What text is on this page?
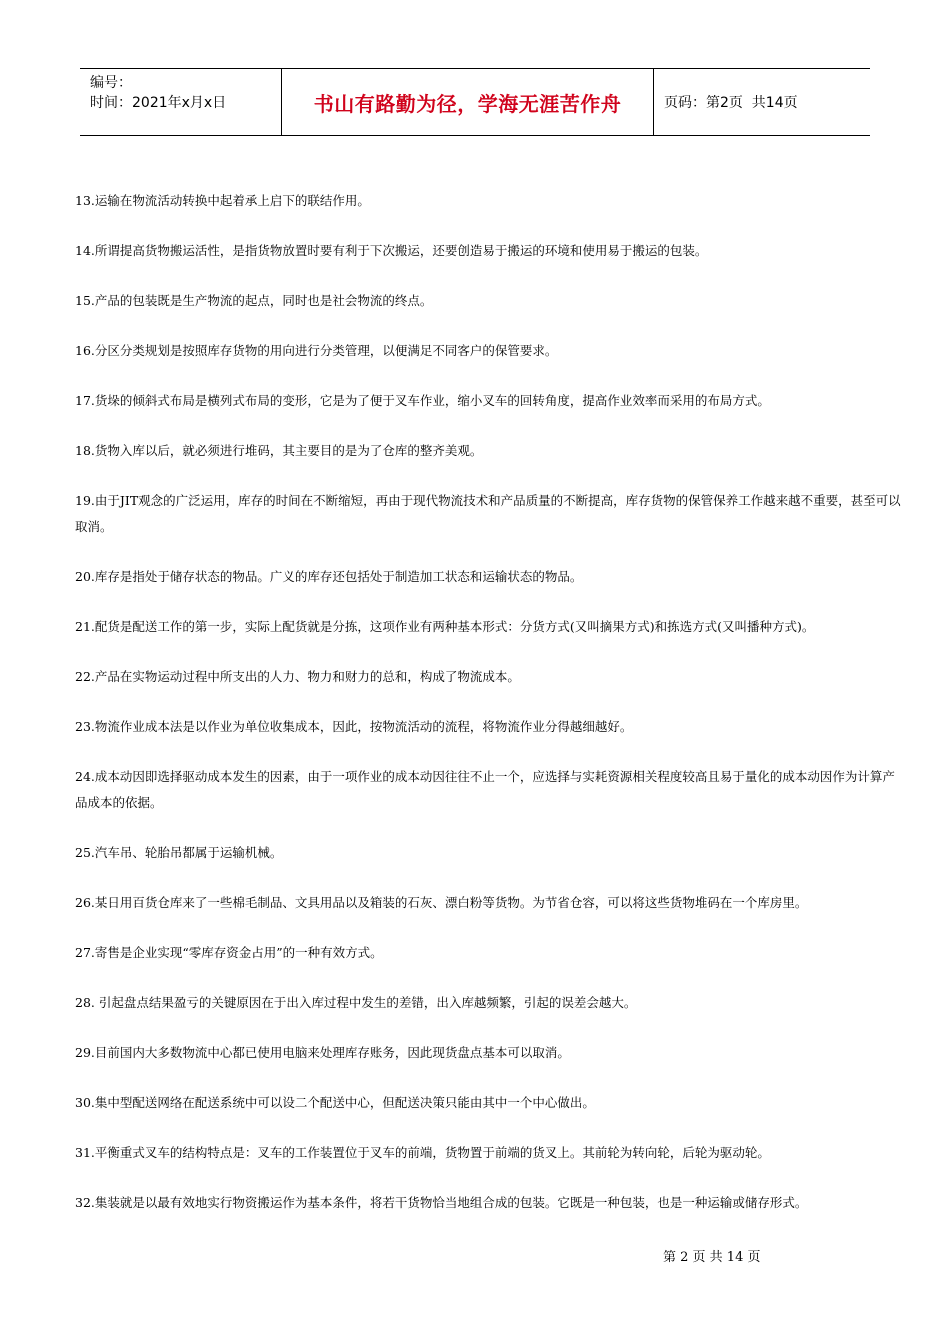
编号：
时间：2021年x月x日	书山有路勤为径，学海无涯苦作舟	页码：第2页  共14页

13.运输在物流活动转换中起着承上启下的联结作用。

14.所谓提高货物搬运活性，是指货物放置时要有利于下次搬运，还要创造易于搬运的环境和使用易于搬运的包装。

15.产品的包装既是生产物流的起点，同时也是社会物流的终点。

16.分区分类规划是按照库存货物的用向进行分类管理，以便满足不同客户的保管要求。

17.货垛的倾斜式布局是横列式布局的变形，它是为了便于叉车作业，缩小叉车的回转角度，提高作业效率而采用的布局方式。

18.货物入库以后，就必须进行堆码，其主要目的是为了仓库的整齐美观。

19.由于JIT观念的广泛运用，库存的时间在不断缩短，再由于现代物流技术和产品质量的不断提高，库存货物的保管保养工作越来越不重要，甚至可以取消。

20.库存是指处于储存状态的物品。广义的库存还包括处于制造加工状态和运输状态的物品。

21.配货是配送工作的第一步，实际上配货就是分拣，这项作业有两种基本形式：分货方式(又叫摘果方式)和拣选方式(又叫播种方式)。

22.产品在实物运动过程中所支出的人力、物力和财力的总和，构成了物流成本。

23.物流作业成本法是以作业为单位收集成本，因此，按物流活动的流程，将物流作业分得越细越好。

24.成本动因即选择驱动成本发生的因素，由于一项作业的成本动因往往不止一个，应选择与实耗资源相关程度较高且易于量化的成本动因作为计算产品成本的依据。

25.汽车吊、轮胎吊都属于运输机械。

26.某日用百货仓库来了一些棉毛制品、文具用品以及箱装的石灰、漂白粉等货物。为节省仓容，可以将这些货物堆码在一个库房里。

27.寄售是企业实现“零库存资金占用”的一种有效方式。

28. 引起盘点结果盈亏的关键原因在于出入库过程中发生的差错，出入库越频繁，引起的误差会越大。

29.目前国内大多数物流中心都已使用电脑来处理库存账务，因此现货盘点基本可以取消。

30.集中型配送网络在配送系统中可以设二个配送中心，但配送决策只能由其中一个中心做出。

31.平衡重式叉车的结构特点是：叉车的工作装置位于叉车的前端，货物置于前端的货叉上。其前轮为转向轮，后轮为驱动轮。

32.集装就是以最有效地实行物资搬运作为基本条件，将若干货物恰当地组合成的包装。它既是一种包装，也是一种运输或储存形式。

第 2 页 共 14 页
